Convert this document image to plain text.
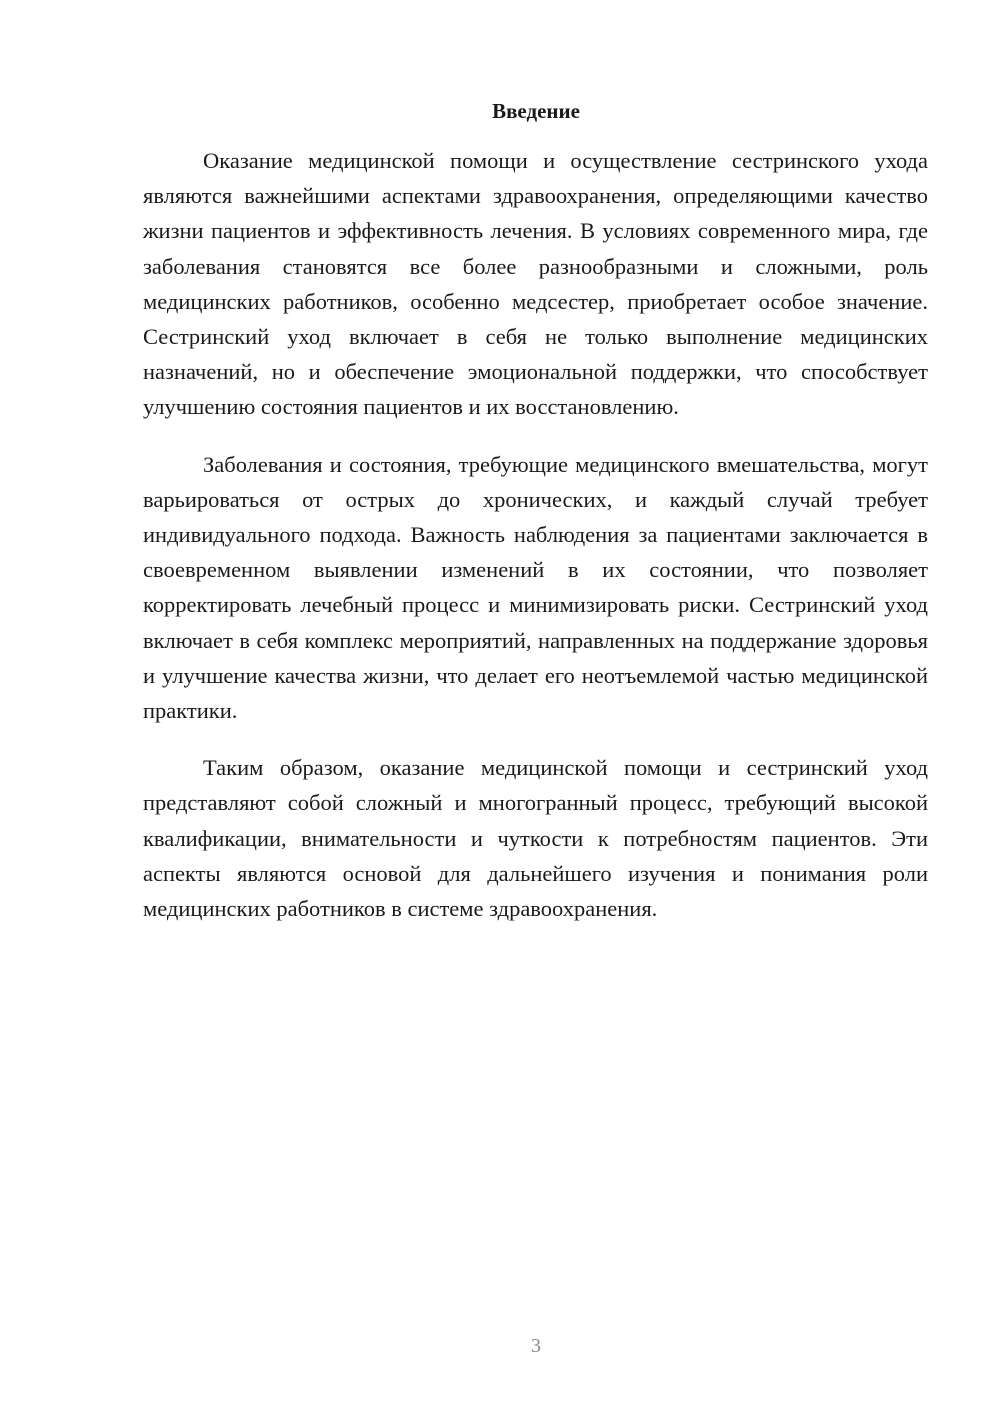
Введение

Оказание медицинской помощи и осуществление сестринского ухода являются важнейшими аспектами здравоохранения, определяющими качество жизни пациентов и эффективность лечения. В условиях современного мира, где заболевания становятся все более разнообразными и сложными, роль медицинских работников, особенно медсестер, приобретает особое значение. Сестринский уход включает в себя не только выполнение медицинских назначений, но и обеспечение эмоциональной поддержки, что способствует улучшению состояния пациентов и их восстановлению.

Заболевания и состояния, требующие медицинского вмешательства, могут варьироваться от острых до хронических, и каждый случай требует индивидуального подхода. Важность наблюдения за пациентами заключается в своевременном выявлении изменений в их состоянии, что позволяет корректировать лечебный процесс и минимизировать риски. Сестринский уход включает в себя комплекс мероприятий, направленных на поддержание здоровья и улучшение качества жизни, что делает его неотъемлемой частью медицинской практики.

Таким образом, оказание медицинской помощи и сестринский уход представляют собой сложный и многогранный процесс, требующий высокой квалификации, внимательности и чуткости к потребностям пациентов. Эти аспекты являются основой для дальнейшего изучения и понимания роли медицинских работников в системе здравоохранения.

3
